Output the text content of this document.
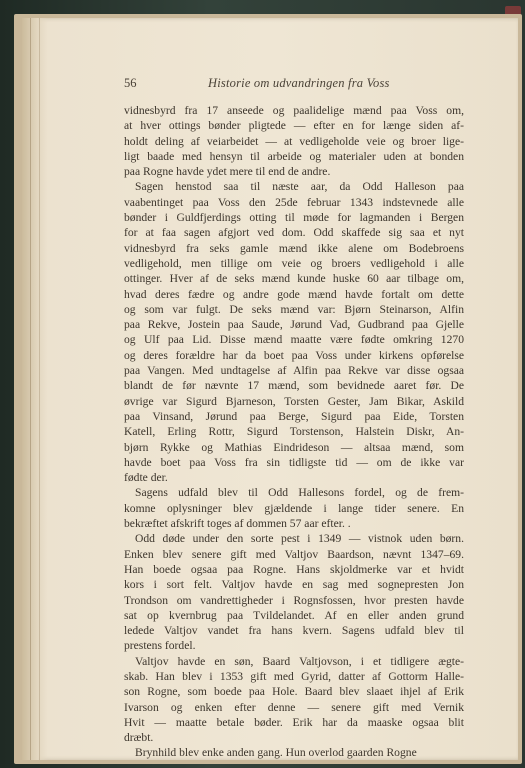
56	Historie om udvandringen fra Voss
vidnesbyrd fra 17 anseede og paalidelige mænd paa Voss om,
at hver ottings bønder pligtede — efter en for længe siden af-
holdt deling af veiarbeidet — at vedligeholde veie og broer lige-
ligt baade med hensyn til arbeide og materialer uden at bonden
paa Rogne havde ydet mere til end de andre.
Sagen henstod saa til næste aar, da Odd Halleson paa
vaabentinget paa Voss den 25de februar 1343 indstevnede alle
bønder i Guldfjerdings otting til møde for lagmanden i Bergen
for at faa sagen afgjort ved dom. Odd skaffede sig saa et nyt
vidnesbyrd fra seks gamle mænd ikke alene om Bodebroens
vedligehold, men tillige om veie og broers vedligehold i alle
ottinger. Hver af de seks mænd kunde huske 60 aar tilbage om,
hvad deres fædre og andre gode mænd havde fortalt om dette
og som var fulgt. De seks mænd var: Bjørn Steinarson, Alfin
paa Rekve, Jostein paa Saude, Jørund Vad, Gudbrand paa Gjelle
og Ulf paa Lid. Disse mænd maatte være fødte omkring 1270
og deres forældre har da boet paa Voss under kirkens opførelse
paa Vangen. Med undtagelse af Alfin paa Rekve var disse ogsaa
blandt de før nævnte 17 mænd, som bevidnede aaret før. De
øvrige var Sigurd Bjarneson, Torsten Gester, Jam Bikar, Askild
paa Vinsand, Jørund paa Berge, Sigurd paa Eide, Torsten
Katell, Erling Rottr, Sigurd Torstenson, Halstein Diskr, An-
bjørn Rykke og Mathias Eindrideson — altsaa mænd, som
havde boet paa Voss fra sin tidligste tid — om de ikke var
fødte der.
Sagens udfald blev til Odd Hallesons fordel, og de frem-
komne oplysninger blev gjældende i lange tider senere. En
bekræftet afskrift toges af dommen 57 aar efter. .
Odd døde under den sorte pest i 1349 — vistnok uden børn.
Enken blev senere gift med Valtjov Baardson, nævnt 1347–69.
Han boede ogsaa paa Rogne. Hans skjoldmerke var et hvidt
kors i sort felt. Valtjov havde en sag med sognepresten Jon
Trondson om vandrettigheder i Rognsfossen, hvor presten havde
sat op kvernbrug paa Tvildelandet. Af en eller anden grund
ledede Valtjov vandet fra hans kvern. Sagens udfald blev til
prestens fordel.
Valtjov havde en søn, Baard Valtjovson, i et tidligere ægte-
skab. Han blev i 1353 gift med Gyrid, datter af Gottorm Halle-
son Rogne, som boede paa Hole. Baard blev slaaet ihjel af Erik
Ivarson og enken efter denne — senere gift med Vernik
Hvit — maatte betale bøder. Erik har da maaske ogsaa blit
dræbt.
Brynhild blev enke anden gang. Hun overlod gaarden Rogne
